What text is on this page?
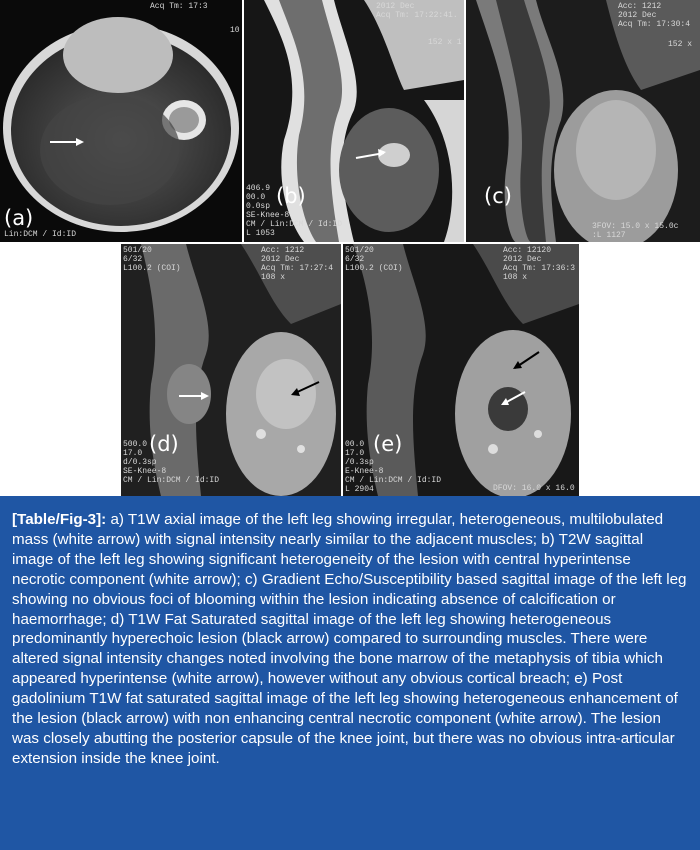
Acq Tm: 17:3
10
Lin:DCM / Id:ID
(a)
2012 Dec
Acq Tm: 17:22:41.
152 x 1
406.9
00.0
0.0sp
SE-Knee-8
CM / Lin:DCM / Id:ID
L 1053
(b)
Acc: 1212
2012 Dec
Acq Tm: 17:30:4
152 x
3FOV: 15.0 x 15.0c
:L 1127
(c)
501/20
6/32
L100.2 (COI)
Acc: 1212
2012 Dec
Acq Tm: 17:27:4
108 x
500.0
17.0
d/0.3sp
SE-Knee-8
CM / Lin:DCM / Id:ID
(d)
501/20
6/32
L100.2 (COI)
Acc: 12120
2012 Dec
Acq Tm: 17:36:3
108 x
00.0
17.0
/0.3sp
E-Knee-8
CM / Lin:DCM / Id:ID
L 2904	DFOV: 16.0 x 16.0
(e)
[Table/Fig-3]: a) T1W axial image of the left leg showing irregular, heterogeneous, multilobulated mass (white arrow) with signal intensity nearly similar to the adjacent muscles; b) T2W sagittal image of the left leg showing significant heterogeneity of the lesion with central hyperintense necrotic component (white arrow); c) Gradient Echo/Susceptibility based sagittal image of the left leg showing no obvious foci of blooming within the lesion indicating absence of calcification or haemorrhage; d) T1W Fat Saturated sagittal image of the left leg showing heterogeneous predominantly hyperechoic lesion (black arrow) compared to surrounding muscles. There were altered signal intensity changes noted involving the bone marrow of the metaphysis of tibia which appeared hyperintense (white arrow), however without any obvious cortical breach; e) Post gadolinium T1W fat saturated sagittal image of the left leg showing heterogeneous enhancement of the lesion (black arrow) with non enhancing central necrotic component (white arrow). The lesion was closely abutting the posterior capsule of the knee joint, but there was no obvious intra-articular extension inside the knee joint.
